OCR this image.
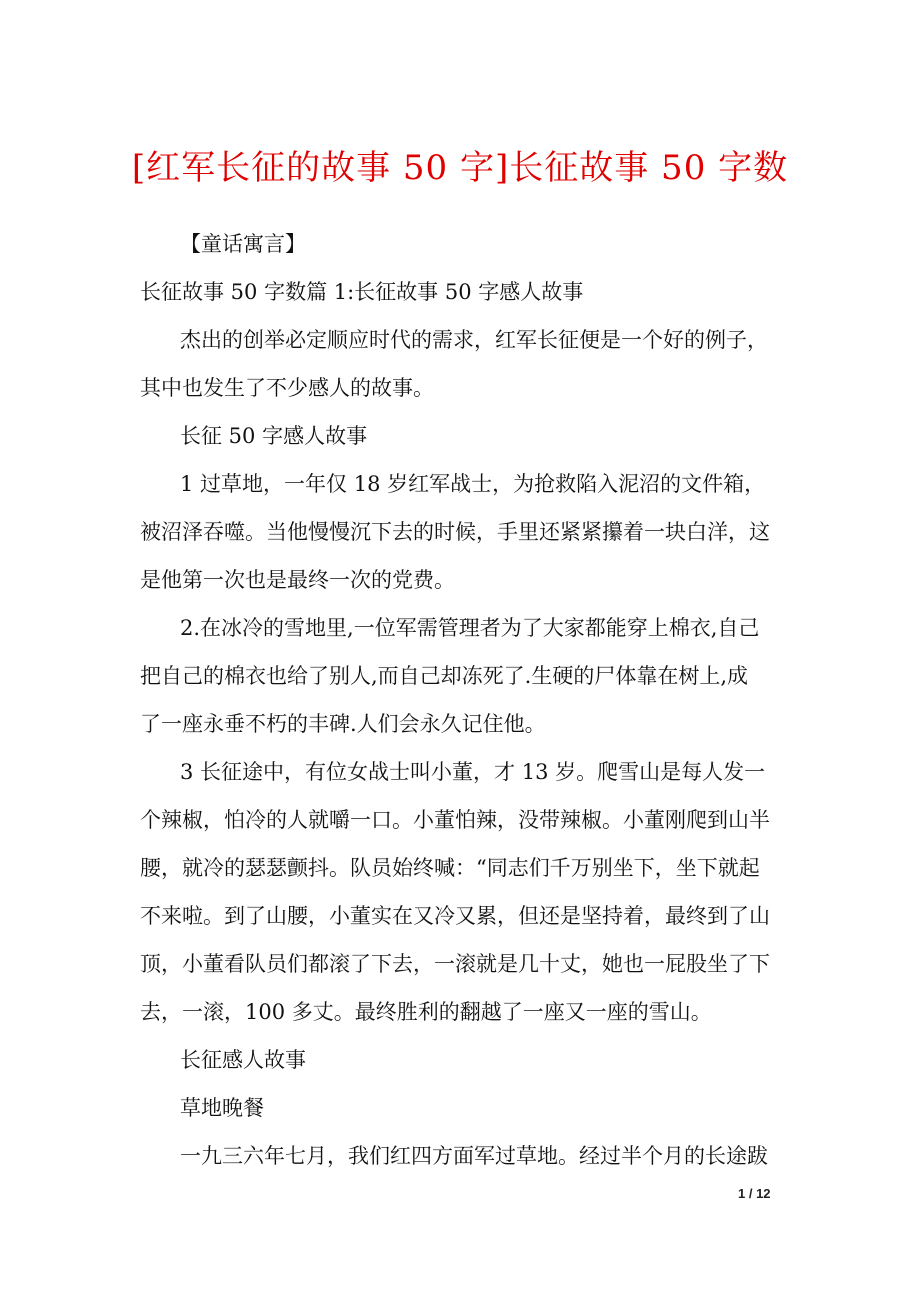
[红军长征的故事 50 字]长征故事 50 字数
【童话寓言】
长征故事 50 字数篇 1:长征故事 50 字感人故事
杰出的创举必定顺应时代的需求，红军长征便是一个好的例子，
其中也发生了不少感人的故事。
长征 50 字感人故事
1 过草地，一年仅 18 岁红军战士，为抢救陷入泥沼的文件箱，
被沼泽吞噬。当他慢慢沉下去的时候，手里还紧紧攥着一块白洋，这
是他第一次也是最终一次的党费。
2.在冰冷的雪地里,一位军需管理者为了大家都能穿上棉衣,自己
把自己的棉衣也给了别人,而自己却冻死了.生硬的尸体靠在树上,成
了一座永垂不朽的丰碑.人们会永久记住他。
3 长征途中，有位女战士叫小董，才 13 岁。爬雪山是每人发一
个辣椒，怕冷的人就嚼一口。小董怕辣，没带辣椒。小董刚爬到山半
腰，就冷的瑟瑟颤抖。队员始终喊：“同志们千万别坐下，坐下就起
不来啦。到了山腰，小董实在又冷又累，但还是坚持着，最终到了山
顶，小董看队员们都滚了下去，一滚就是几十丈，她也一屁股坐了下
去，一滚，100 多丈。最终胜利的翻越了一座又一座的雪山。
长征感人故事
草地晚餐
一九三六年七月，我们红四方面军过草地。经过半个月的长途跋
1 / 12
